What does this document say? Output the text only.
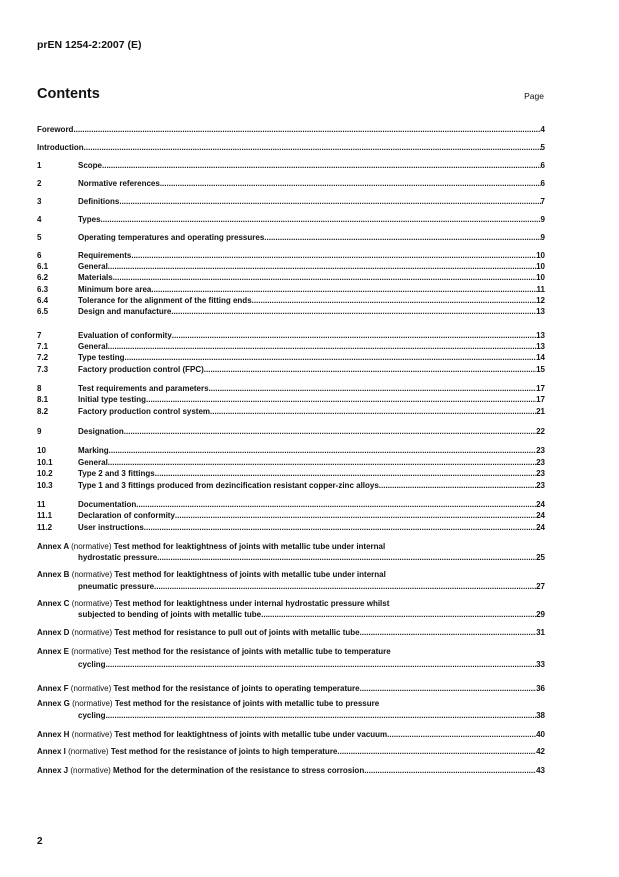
prEN 1254-2:2007 (E)
Contents	Page
Foreword .....	4
Introduction .....	5
1	Scope .....	6
2	Normative references .....	6
3	Definitions .....	7
4	Types .....	9
5	Operating temperatures and operating pressures .....	9
6	Requirements .....	10
6.1	General .....	10
6.2	Materials .....	10
6.3	Minimum bore area .....	11
6.4	Tolerance for the alignment of the fitting ends .....	12
6.5	Design and manufacture .....	13
7	Evaluation of conformity .....	13
7.1	General .....	13
7.2	Type testing .....	14
7.3	Factory production control (FPC) .....	15
8	Test requirements and parameters .....	17
8.1	Initial type testing .....	17
8.2	Factory production control system .....	21
9	Designation .....	22
10	Marking .....	23
10.1	General .....	23
10.2	Type 2 and 3 fittings .....	23
10.3	Type 1 and 3 fittings produced from dezincification resistant copper-zinc alloys .....	23
11	Documentation .....	24
11.1	Declaration of conformity .....	24
11.2	User instructions .....	24
Annex A (normative) Test method for leaktightness of joints with metallic tube under internal
hydrostatic pressure .....	25
Annex B (normative) Test method for leaktightness of joints with metallic tube under internal
pneumatic pressure .....	27
Annex C (normative) Test method for leaktightness under internal hydrostatic pressure whilst
subjected to bending of joints with metallic tube .....	29
Annex D (normative) Test method for resistance to pull out of joints with metallic tube .....	31
Annex E (normative) Test method for the resistance of joints with metallic tube to temperature
cycling .....	33
Annex F (normative) Test method for the resistance of joints to operating temperature .....	36
Annex G (normative) Test method for the resistance of joints with metallic tube to pressure
cycling .....	38
Annex H (normative) Test method for leaktightness of joints with metallic tube under vacuum .....	40
Annex I (normative) Test method for the resistance of joints to high temperature .....	42
Annex J (normative) Method for the determination of the resistance to stress corrosion .....	43
2
